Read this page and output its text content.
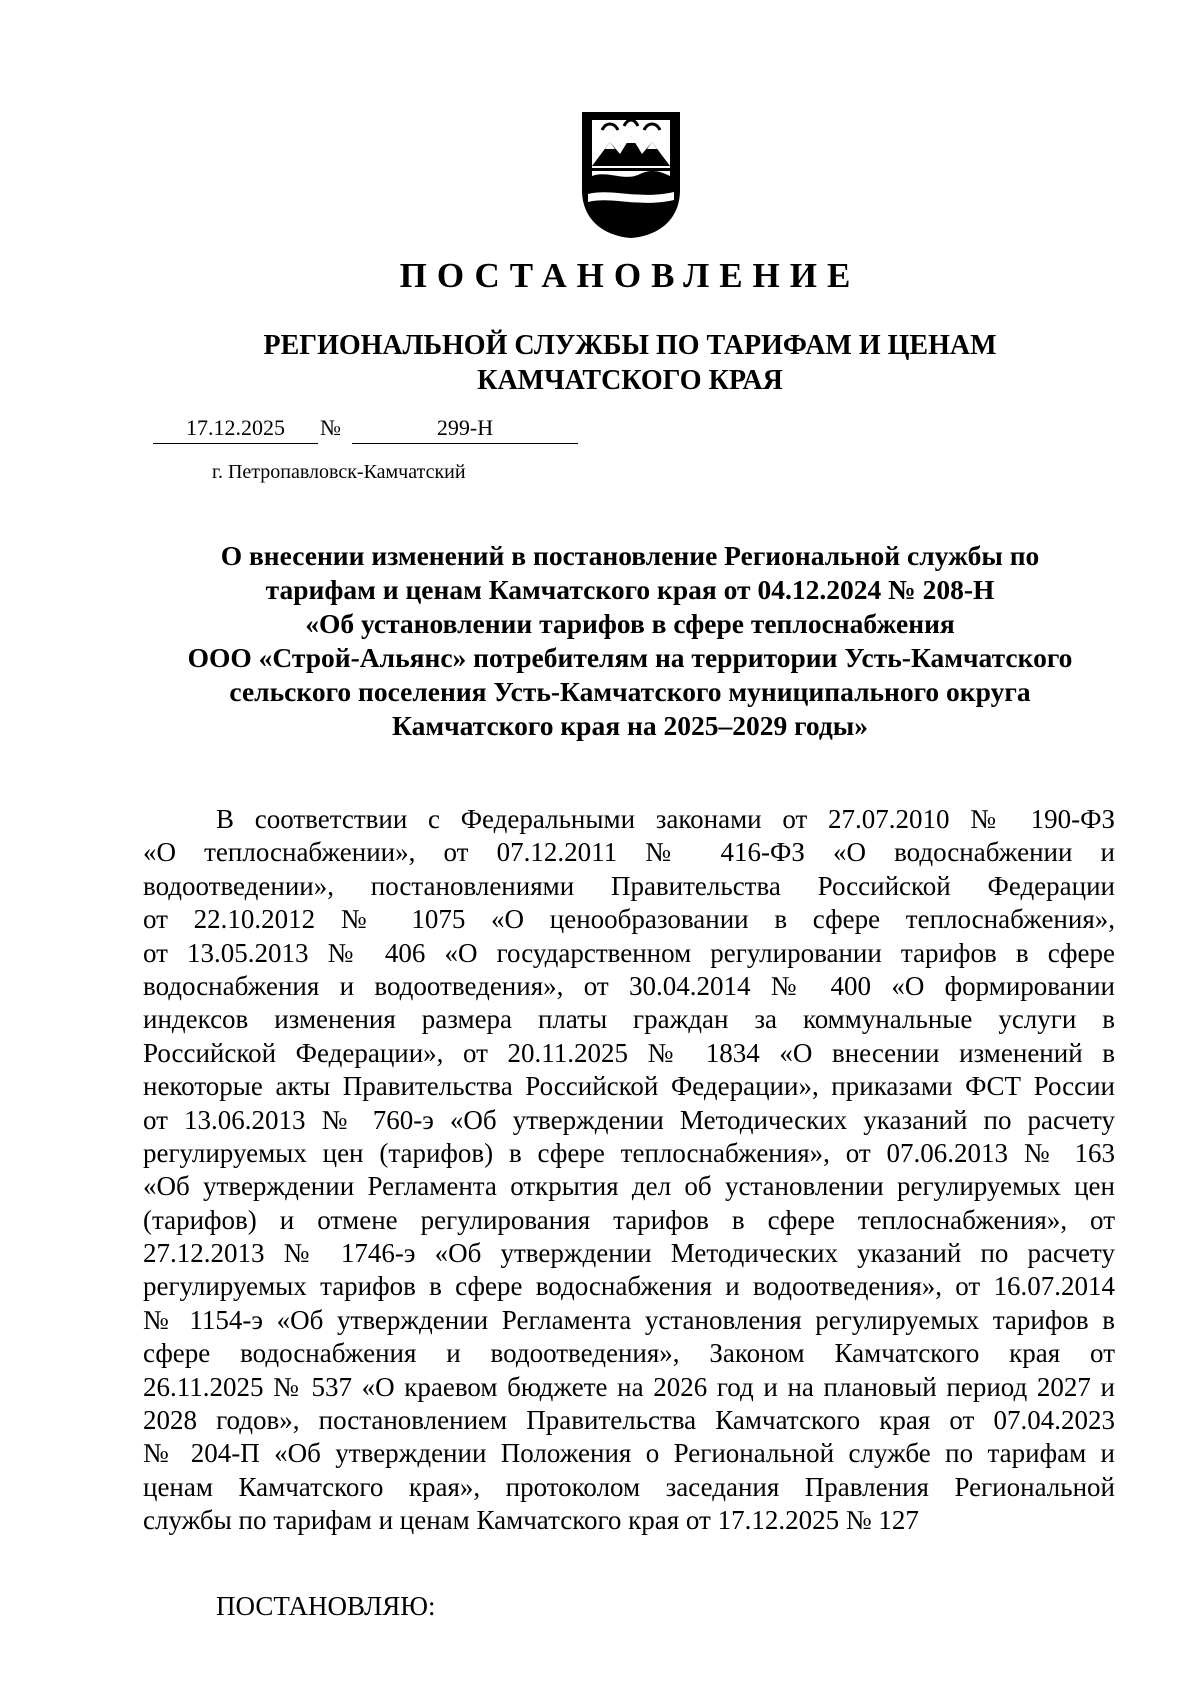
ПОСТАНОВЛЕНИЕ
РЕГИОНАЛЬНОЙ СЛУЖБЫ ПО ТАРИФАМ И ЦЕНАМ
КАМЧАТСКОГО КРАЯ
17.12.2025	№	299-Н
г. Петропавловск-Камчатский

О внесении изменений в постановление Региональной службы по

тарифам и ценам Камчатского края от 04.12.2024 № 208-Н

«Об установлении тарифов в сфере теплоснабжения

ООО «Строй-Альянс» потребителям на территории Усть-Камчатского

сельского поселения Усть-Камчатского муниципального округа

Камчатского края на 2025–2029 годы»

В соответствии с Федеральными законами от 27.07.2010 № 190-ФЗ
«О теплоснабжении», от 07.12.2011 № 416-ФЗ «О водоснабжении и
водоотведении», постановлениями Правительства Российской Федерации
от 22.10.2012 № 1075 «О ценообразовании в сфере теплоснабжения»,
от 13.05.2013 № 406 «О государственном регулировании тарифов в сфере
водоснабжения и водоотведения», от 30.04.2014 № 400 «О формировании
индексов изменения размера платы граждан за коммунальные услуги в
Российской Федерации», от 20.11.2025 № 1834 «О внесении изменений в
некоторые акты Правительства Российской Федерации», приказами ФСТ России
от 13.06.2013 № 760-э «Об утверждении Методических указаний по расчету
регулируемых цен (тарифов) в сфере теплоснабжения», от 07.06.2013 № 163
«Об утверждении Регламента открытия дел об установлении регулируемых цен
(тарифов) и отмене регулирования тарифов в сфере теплоснабжения», от
27.12.2013 № 1746-э «Об утверждении Методических указаний по расчету
регулируемых тарифов в сфере водоснабжения и водоотведения», от 16.07.2014
№ 1154-э «Об утверждении Регламента установления регулируемых тарифов в
сфере водоснабжения и водоотведения», Законом Камчатского края от
26.11.2025 № 537 «О краевом бюджете на 2026 год и на плановый период 2027 и
2028 годов», постановлением Правительства Камчатского края от 07.04.2023
№ 204-П «Об утверждении Положения о Региональной службе по тарифам и
ценам Камчатского края», протоколом заседания Правления Региональной
службы по тарифам и ценам Камчатского края от 17.12.2025 № 127
ПОСТАНОВЛЯЮ:
